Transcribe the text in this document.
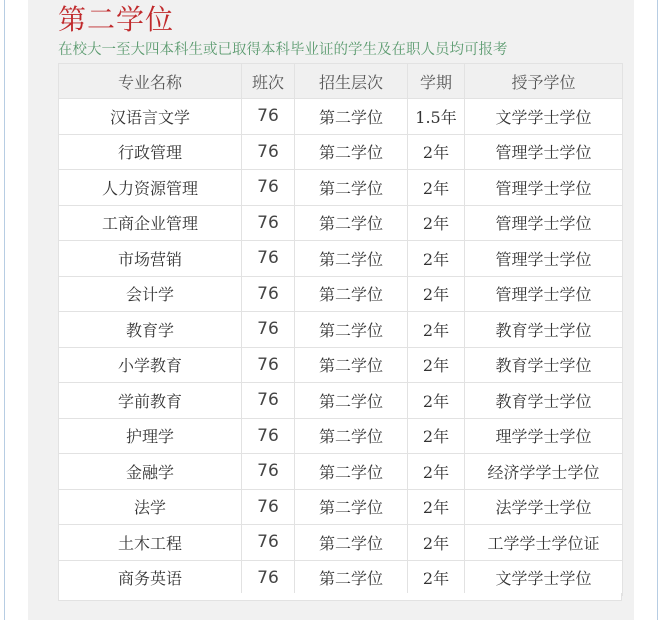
第二学位

在校大一至大四本科生或已取得本科毕业证的学生及在职人员均可报考

专业名称	班次	招生层次	学期	授予学位
汉语言文学	76	第二学位	1.5年	文学学士学位
行政管理	76	第二学位	2年	管理学士学位
人力资源管理	76	第二学位	2年	管理学士学位
工商企业管理	76	第二学位	2年	管理学士学位
市场营销	76	第二学位	2年	管理学士学位
会计学	76	第二学位	2年	管理学士学位
教育学	76	第二学位	2年	教育学士学位
小学教育	76	第二学位	2年	教育学士学位
学前教育	76	第二学位	2年	教育学士学位
护理学	76	第二学位	2年	理学学士学位
金融学	76	第二学位	2年	经济学学士学位
法学	76	第二学位	2年	法学学士学位
土木工程	76	第二学位	2年	工学学士学位证
商务英语	76	第二学位	2年	文学学士学位
